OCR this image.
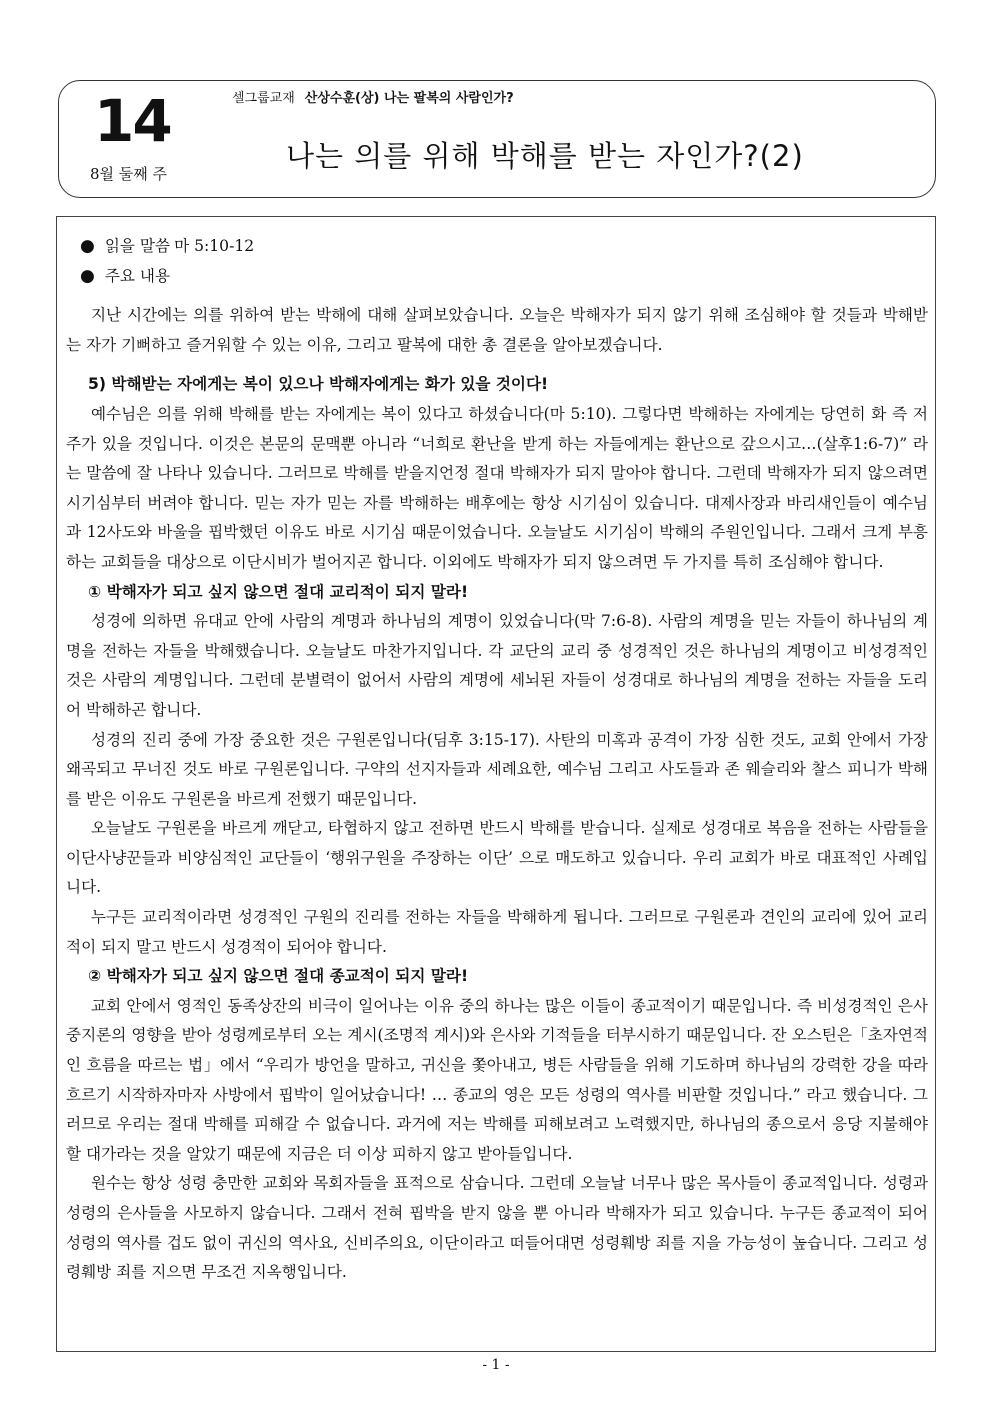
14
8월 둘째 주
셀그룹교재 산상수훈(상) 나는 팔복의 사람인가?
나는 의를 위해 박해를 받는 자인가?(2)
● 읽을 말씀 마 5:10-12
● 주요 내용

지난 시간에는 의를 위하여 받는 박해에 대해 살펴보았습니다. 오늘은 박해자가 되지 않기 위해 조심해야 할 것들과 박해받는 자가 기뻐하고 즐거워할 수 있는 이유, 그리고 팔복에 대한 총 결론을 알아보겠습니다.

5) 박해받는 자에게는 복이 있으나 박해자에게는 화가 있을 것이다!

예수님은 의를 위해 박해를 받는 자에게는 복이 있다고 하셨습니다(마 5:10). 그렇다면 박해하는 자에게는 당연히 화 즉 저주가 있을 것입니다. 이것은 본문의 문맥뿐 아니라 “너희로 환난을 받게 하는 자들에게는 환난으로 갚으시고…(살후1:6-7)” 라는 말씀에 잘 나타나 있습니다. 그러므로 박해를 받을지언정 절대 박해자가 되지 말아야 합니다. 그런데 박해자가 되지 않으려면 시기심부터 버려야 합니다. 믿는 자가 믿는 자를 박해하는 배후에는 항상 시기심이 있습니다. 대제사장과 바리새인들이 예수님과 12사도와 바울을 핍박했던 이유도 바로 시기심 때문이었습니다. 오늘날도 시기심이 박해의 주원인입니다. 그래서 크게 부흥하는 교회들을 대상으로 이단시비가 벌어지곤 합니다. 이외에도 박해자가 되지 않으려면 두 가지를 특히 조심해야 합니다.

① 박해자가 되고 싶지 않으면 절대 교리적이 되지 말라!

성경에 의하면 유대교 안에 사람의 계명과 하나님의 계명이 있었습니다(막 7:6-8). 사람의 계명을 믿는 자들이 하나님의 계명을 전하는 자들을 박해했습니다. 오늘날도 마찬가지입니다. 각 교단의 교리 중 성경적인 것은 하나님의 계명이고 비성경적인 것은 사람의 계명입니다. 그런데 분별력이 없어서 사람의 계명에 세뇌된 자들이 성경대로 하나님의 계명을 전하는 자들을 도리어 박해하곤 합니다.

성경의 진리 중에 가장 중요한 것은 구원론입니다(딤후 3:15-17). 사탄의 미혹과 공격이 가장 심한 것도, 교회 안에서 가장 왜곡되고 무너진 것도 바로 구원론입니다. 구약의 선지자들과 세례요한, 예수님 그리고 사도들과 존 웨슬리와 찰스 피니가 박해를 받은 이유도 구원론을 바르게 전했기 때문입니다.

오늘날도 구원론을 바르게 깨닫고, 타협하지 않고 전하면 반드시 박해를 받습니다. 실제로 성경대로 복음을 전하는 사람들을 이단사냥꾼들과 비양심적인 교단들이 ‘행위구원을 주장하는 이단’ 으로 매도하고 있습니다. 우리 교회가 바로 대표적인 사례입니다.

누구든 교리적이라면 성경적인 구원의 진리를 전하는 자들을 박해하게 됩니다. 그러므로 구원론과 견인의 교리에 있어 교리적이 되지 말고 반드시 성경적이 되어야 합니다.

② 박해자가 되고 싶지 않으면 절대 종교적이 되지 말라!

교회 안에서 영적인 동족상잔의 비극이 일어나는 이유 중의 하나는 많은 이들이 종교적이기 때문입니다. 즉 비성경적인 은사중지론의 영향을 받아 성령께로부터 오는 계시(조명적 계시)와 은사와 기적들을 터부시하기 때문입니다. 잔 오스틴은「초자연적인 흐름을 따르는 법」에서 “우리가 방언을 말하고, 귀신을 쫓아내고, 병든 사람들을 위해 기도하며 하나님의 강력한 강을 따라 흐르기 시작하자마자 사방에서 핍박이 일어났습니다! … 종교의 영은 모든 성령의 역사를 비판할 것입니다.” 라고 했습니다. 그러므로 우리는 절대 박해를 피해갈 수 없습니다. 과거에 저는 박해를 피해보려고 노력했지만, 하나님의 종으로서 응당 지불해야할 대가라는 것을 알았기 때문에 지금은 더 이상 피하지 않고 받아들입니다.

원수는 항상 성령 충만한 교회와 목회자들을 표적으로 삼습니다. 그런데 오늘날 너무나 많은 목사들이 종교적입니다. 성령과 성령의 은사들을 사모하지 않습니다. 그래서 전혀 핍박을 받지 않을 뿐 아니라 박해자가 되고 있습니다. 누구든 종교적이 되어 성령의 역사를 겁도 없이 귀신의 역사요, 신비주의요, 이단이라고 떠들어대면 성령훼방 죄를 지을 가능성이 높습니다. 그리고 성령훼방 죄를 지으면 무조건 지옥행입니다.

- 1 -
